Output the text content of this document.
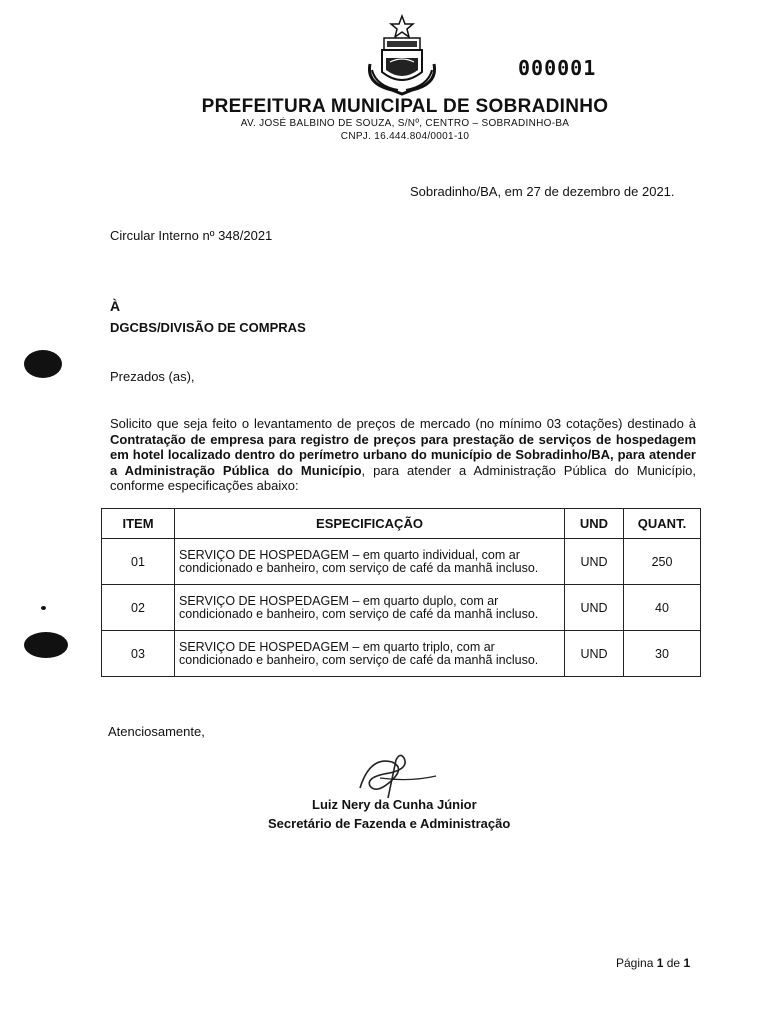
000001
PREFEITURA MUNICIPAL DE SOBRADINHO
AV. JOSÉ BALBINO DE SOUZA, S/Nº, CENTRO – SOBRADINHO-BA
CNPJ. 16.444.804/0001-10
Sobradinho/BA, em 27 de dezembro de 2021.
Circular Interno nº 348/2021
À
DGCBS/DIVISÃO DE COMPRAS
Prezados (as),
Solicito que seja feito o levantamento de preços de mercado (no mínimo 03 cotações) destinado à Contratação de empresa para registro de preços para prestação de serviços de hospedagem em hotel localizado dentro do perímetro urbano do município de Sobradinho/BA, para atender a Administração Pública do Município, para atender a Administração Pública do Município, conforme especificações abaixo:
ITEM	ESPECIFICAÇÃO	UND	QUANT.
01	SERVIÇO DE HOSPEDAGEM – em quarto individual, com ar condicionado e banheiro, com serviço de café da manhã incluso.	UND	250
02	SERVIÇO DE HOSPEDAGEM – em quarto duplo, com ar condicionado e banheiro, com serviço de café da manhã incluso.	UND	40
03	SERVIÇO DE HOSPEDAGEM – em quarto triplo, com ar condicionado e banheiro, com serviço de café da manhã incluso.	UND	30
Atenciosamente,
Luiz Nery da Cunha Júnior
Secretário de Fazenda e Administração
Página 1 de 1
